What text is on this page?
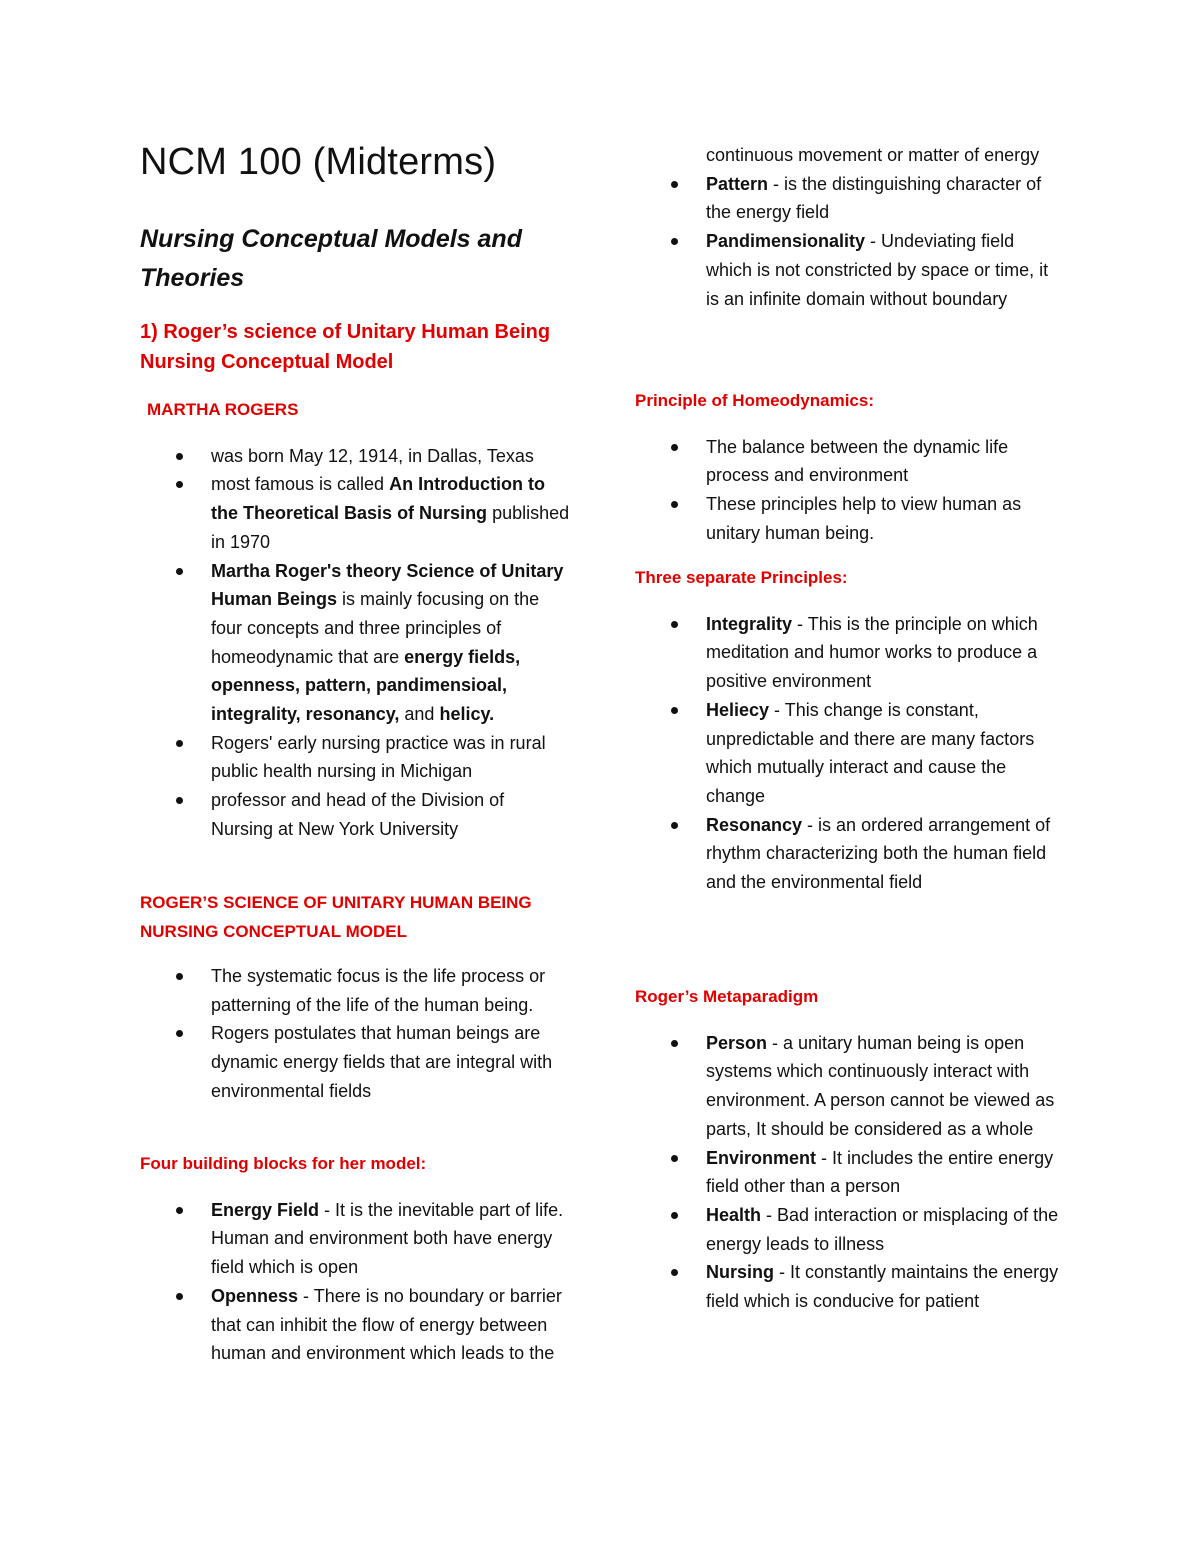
NCM 100 (Midterms)
Nursing Conceptual Models and Theories
1) Roger’s science of Unitary Human Being Nursing Conceptual Model

MARTHA ROGERS

was born May 12, 1914, in Dallas, Texas
most famous is called An Introduction to the Theoretical Basis of Nursing published in 1970
Martha Roger's theory Science of Unitary Human Beings is mainly focusing on the four concepts and three principles of homeodynamic that are energy fields, openness, pattern, pandimensioal, integrality, resonancy, and helicy.
Rogers' early nursing practice was in rural public health nursing in Michigan
professor and head of the Division of Nursing at New York University

ROGER’S SCIENCE OF UNITARY HUMAN BEING NURSING CONCEPTUAL MODEL

The systematic focus is the life process or patterning of the life of the human being.
Rogers postulates that human beings are dynamic energy fields that are integral with environmental fields

Four building blocks for her model:

Energy Field - It is the inevitable part of life. Human and environment both have energy field which is open
Openness - There is no boundary or barrier that can inhibit the flow of energy between human and environment which leads to the
continuous movement or matter of energy
Pattern - is the distinguishing character of the energy field
Pandimensionality - Undeviating field which is not constricted by space or time, it is an infinite domain without boundary

Principle of Homeodynamics:

The balance between the dynamic life process and environment
These principles help to view human as unitary human being.

Three separate Principles:

Integrality - This is the principle on which meditation and humor works to produce a positive environment
Heliecy - This change is constant, unpredictable and there are many factors which mutually interact and cause the change
Resonancy - is an ordered arrangement of rhythm characterizing both the human field and the environmental field

Roger’s Metaparadigm

Person - a unitary human being is open systems which continuously interact with environment. A person cannot be viewed as parts, It should be considered as a whole
Environment - It includes the entire energy field other than a person
Health - Bad interaction or misplacing of the energy leads to illness
Nursing - It constantly maintains the energy field which is conducive for patient
